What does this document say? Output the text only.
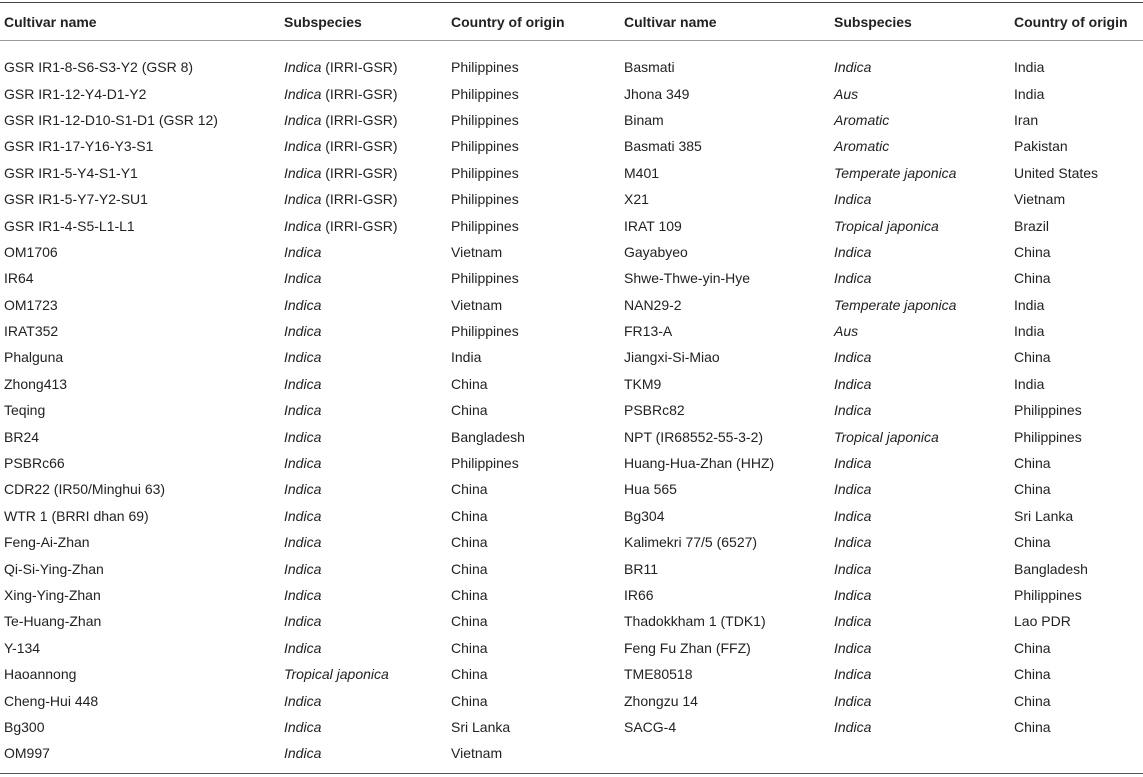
Cultivar name	Subspecies	Country of origin	Cultivar name	Subspecies	Country of origin

GSR IR1-8-S6-S3-Y2 (GSR 8)	Indica (IRRI-GSR)	Philippines	Basmati	Indica	India
GSR IR1-12-Y4-D1-Y2	Indica (IRRI-GSR)	Philippines	Jhona 349	Aus	India
GSR IR1-12-D10-S1-D1 (GSR 12)	Indica (IRRI-GSR)	Philippines	Binam	Aromatic	Iran
GSR IR1-17-Y16-Y3-S1	Indica (IRRI-GSR)	Philippines	Basmati 385	Aromatic	Pakistan
GSR IR1-5-Y4-S1-Y1	Indica (IRRI-GSR)	Philippines	M401	Temperate japonica	United States
GSR IR1-5-Y7-Y2-SU1	Indica (IRRI-GSR)	Philippines	X21	Indica	Vietnam
GSR IR1-4-S5-L1-L1	Indica (IRRI-GSR)	Philippines	IRAT 109	Tropical japonica	Brazil
OM1706	Indica	Vietnam	Gayabyeo	Indica	China
IR64	Indica	Philippines	Shwe-Thwe-yin-Hye	Indica	China
OM1723	Indica	Vietnam	NAN29-2	Temperate japonica	India
IRAT352	Indica	Philippines	FR13-A	Aus	India
Phalguna	Indica	India	Jiangxi-Si-Miao	Indica	China
Zhong413	Indica	China	TKM9	Indica	India
Teqing	Indica	China	PSBRc82	Indica	Philippines
BR24	Indica	Bangladesh	NPT (IR68552-55-3-2)	Tropical japonica	Philippines
PSBRc66	Indica	Philippines	Huang-Hua-Zhan (HHZ)	Indica	China
CDR22 (IR50/Minghui 63)	Indica	China	Hua 565	Indica	China
WTR 1 (BRRI dhan 69)	Indica	China	Bg304	Indica	Sri Lanka
Feng-Ai-Zhan	Indica	China	Kalimekri 77/5 (6527)	Indica	China
Qi-Si-Ying-Zhan	Indica	China	BR11	Indica	Bangladesh
Xing-Ying-Zhan	Indica	China	IR66	Indica	Philippines
Te-Huang-Zhan	Indica	China	Thadokkham 1 (TDK1)	Indica	Lao PDR
Y-134	Indica	China	Feng Fu Zhan (FFZ)	Indica	China
Haoannong	Tropical japonica	China	TME80518	Indica	China
Cheng-Hui 448	Indica	China	Zhongzu 14	Indica	China
Bg300	Indica	Sri Lanka	SACG-4	Indica	China
OM997	Indica	Vietnam			
